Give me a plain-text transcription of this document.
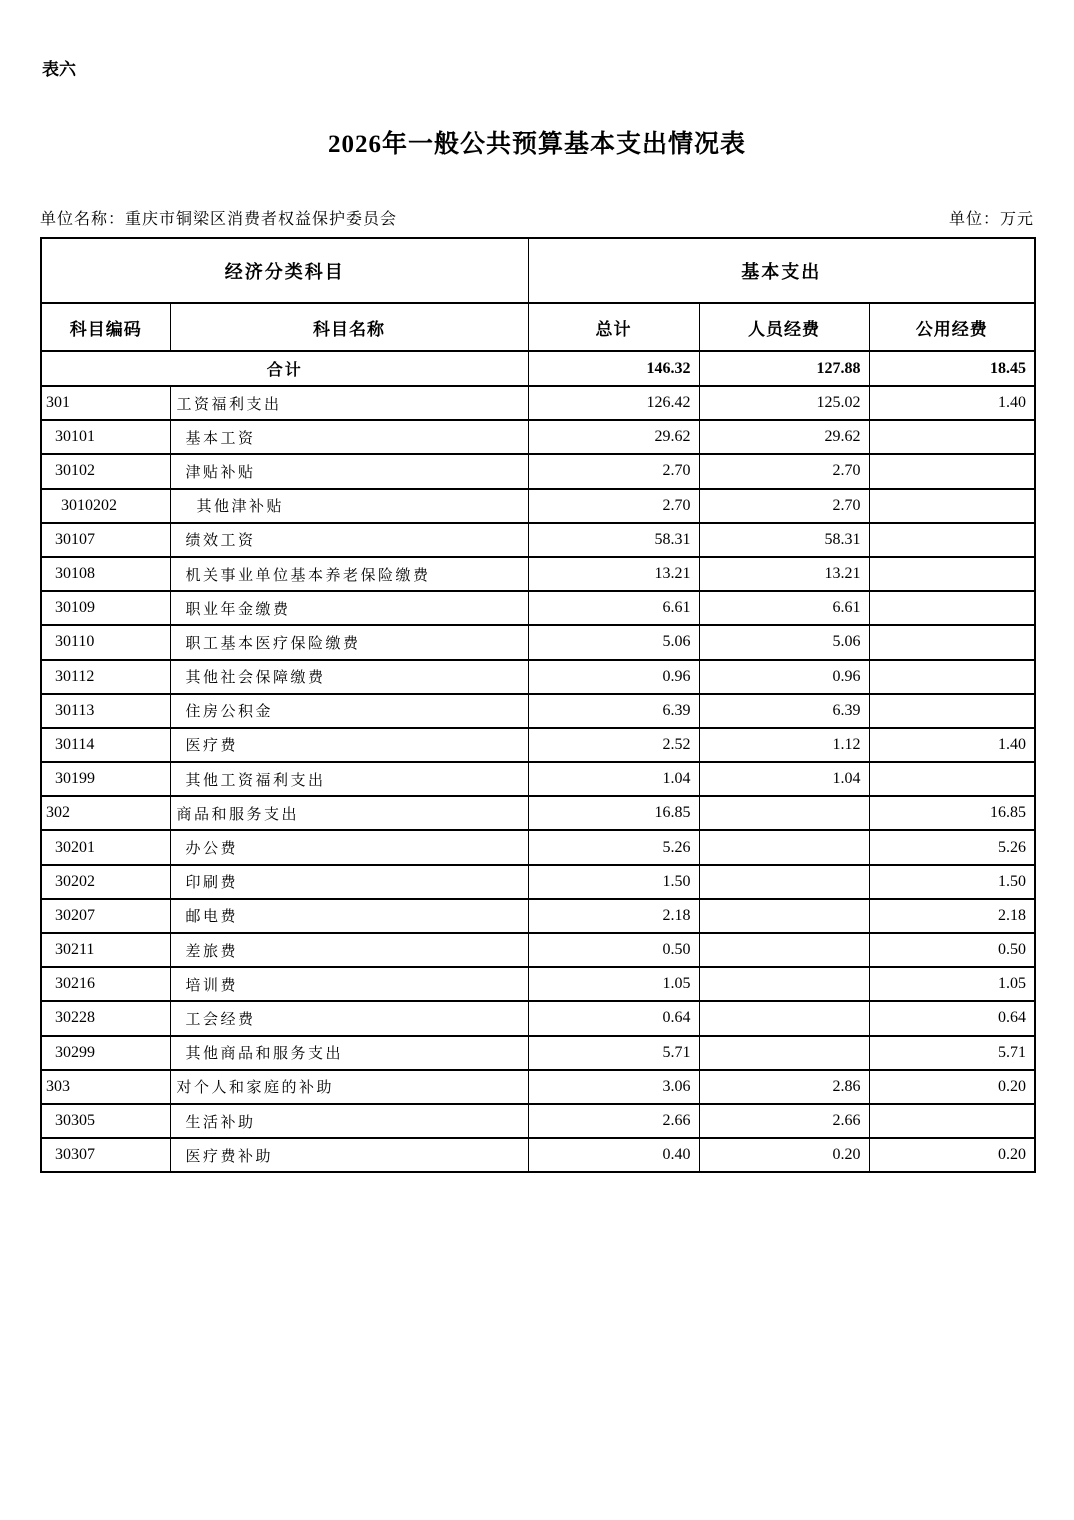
表六
2026年一般公共预算基本支出情况表
单位名称：重庆市铜梁区消费者权益保护委员会	单位：万元
经济分类科目		基本支出		
科目编码	科目名称	总计	人员经费	公用经费
合计		146.32	127.88	18.45
301	工资福利支出	126.42	125.02	1.40
30101	基本工资	29.62	29.62	
30102	津贴补贴	2.70	2.70	
3010202	其他津补贴	2.70	2.70	
30107	绩效工资	58.31	58.31	
30108	机关事业单位基本养老保险缴费	13.21	13.21	
30109	职业年金缴费	6.61	6.61	
30110	职工基本医疗保险缴费	5.06	5.06	
30112	其他社会保障缴费	0.96	0.96	
30113	住房公积金	6.39	6.39	
30114	医疗费	2.52	1.12	1.40
30199	其他工资福利支出	1.04	1.04	
302	商品和服务支出	16.85		16.85
30201	办公费	5.26		5.26
30202	印刷费	1.50		1.50
30207	邮电费	2.18		2.18
30211	差旅费	0.50		0.50
30216	培训费	1.05		1.05
30228	工会经费	0.64		0.64
30299	其他商品和服务支出	5.71		5.71
303	对个人和家庭的补助	3.06	2.86	0.20
30305	生活补助	2.66	2.66	
30307	医疗费补助	0.40	0.20	0.20
